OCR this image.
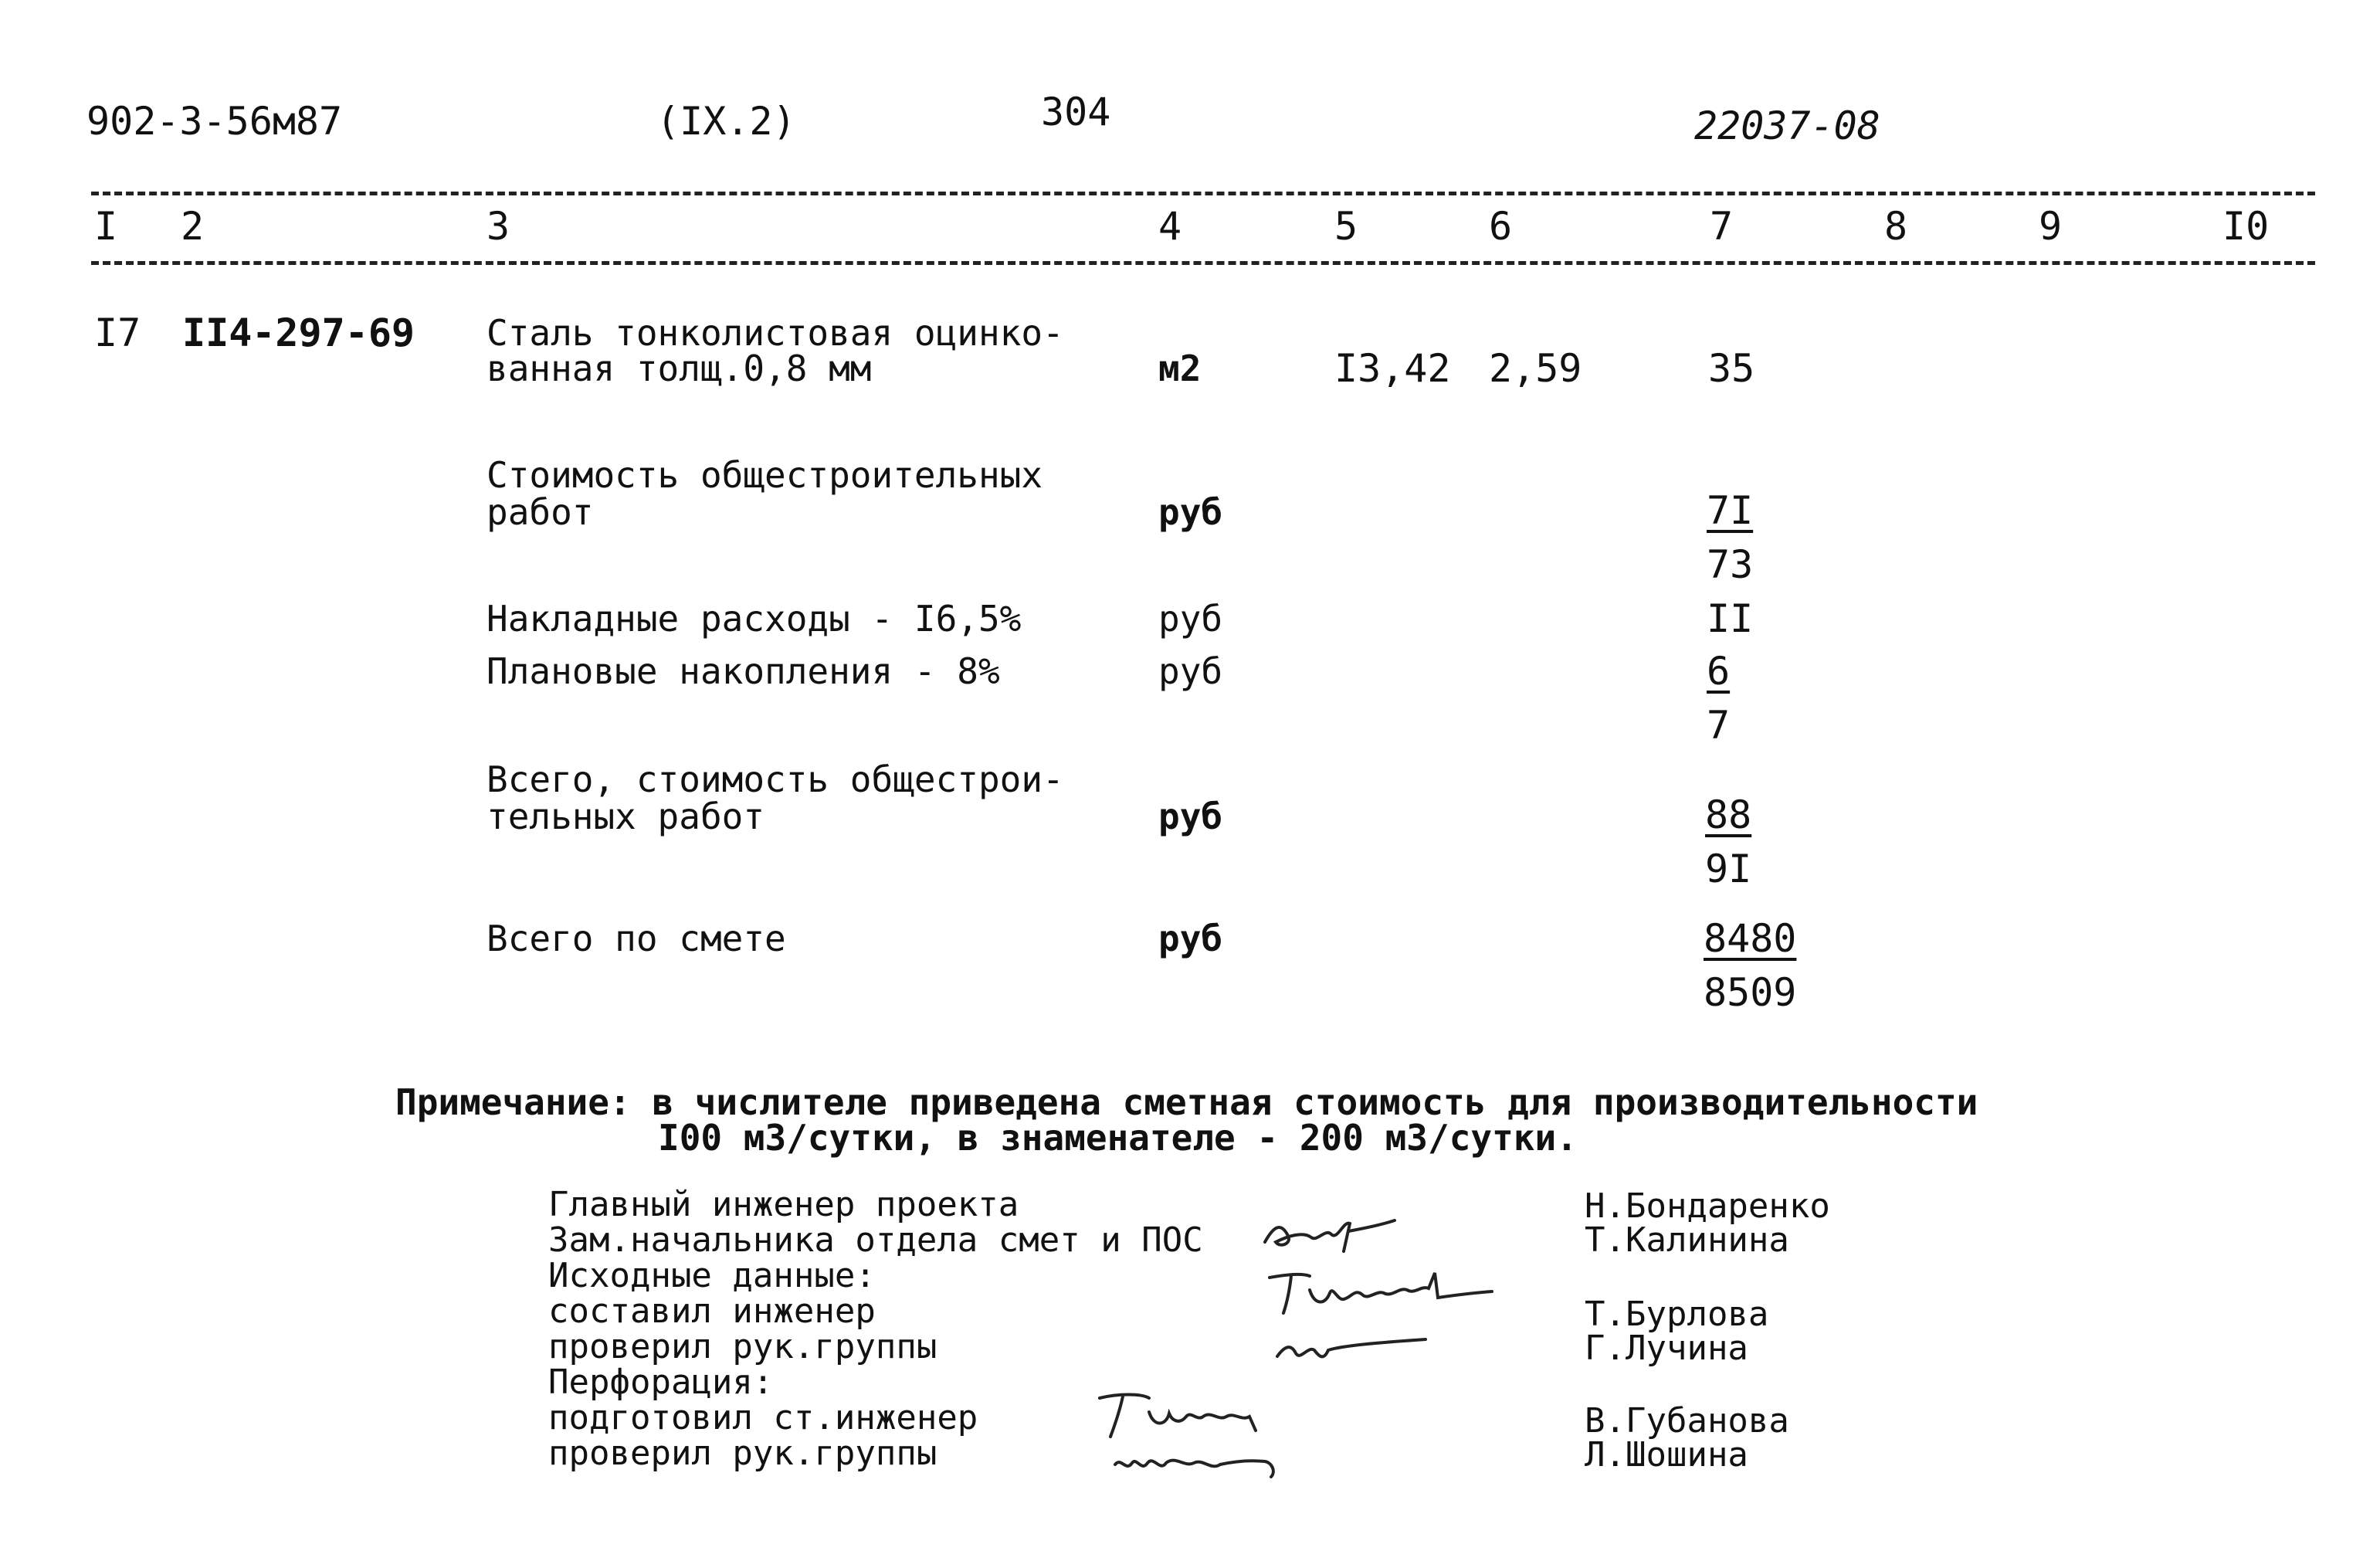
902-3-56м87	(IX.2)	304	22037-08
I 2	3	4	5	6	7	8	9	I0
I7 II4-297-69 Сталь тонколистовая оцинко-
ванная толщ.0,8 мм	м2	I3,42 2,59	35
Стоимость общестроительных
работ	руб	7I
73
Накладные расходы - I6,5%	руб	II
Плановые накопления - 8%	руб	6
7
Всего, стоимость общестрои-
тельных работ	руб	88
9I
Всего по смете	руб	8480
8509
Примечание: в числителе приведена сметная стоимость для производительности
I00 м3/сутки, в знаменателе - 200 м3/сутки.
Главный инженер проекта
Зам.начальника отдела смет и ПОС
Исходные данные:
составил инженер
проверил рук.группы
Перфорация:
подготовил ст.инженер
проверил рук.группы
Н.Бондаренко
Т.Калинина
Т.Бурлова
Г.Лучина
В.Губанова
Л.Шошина
